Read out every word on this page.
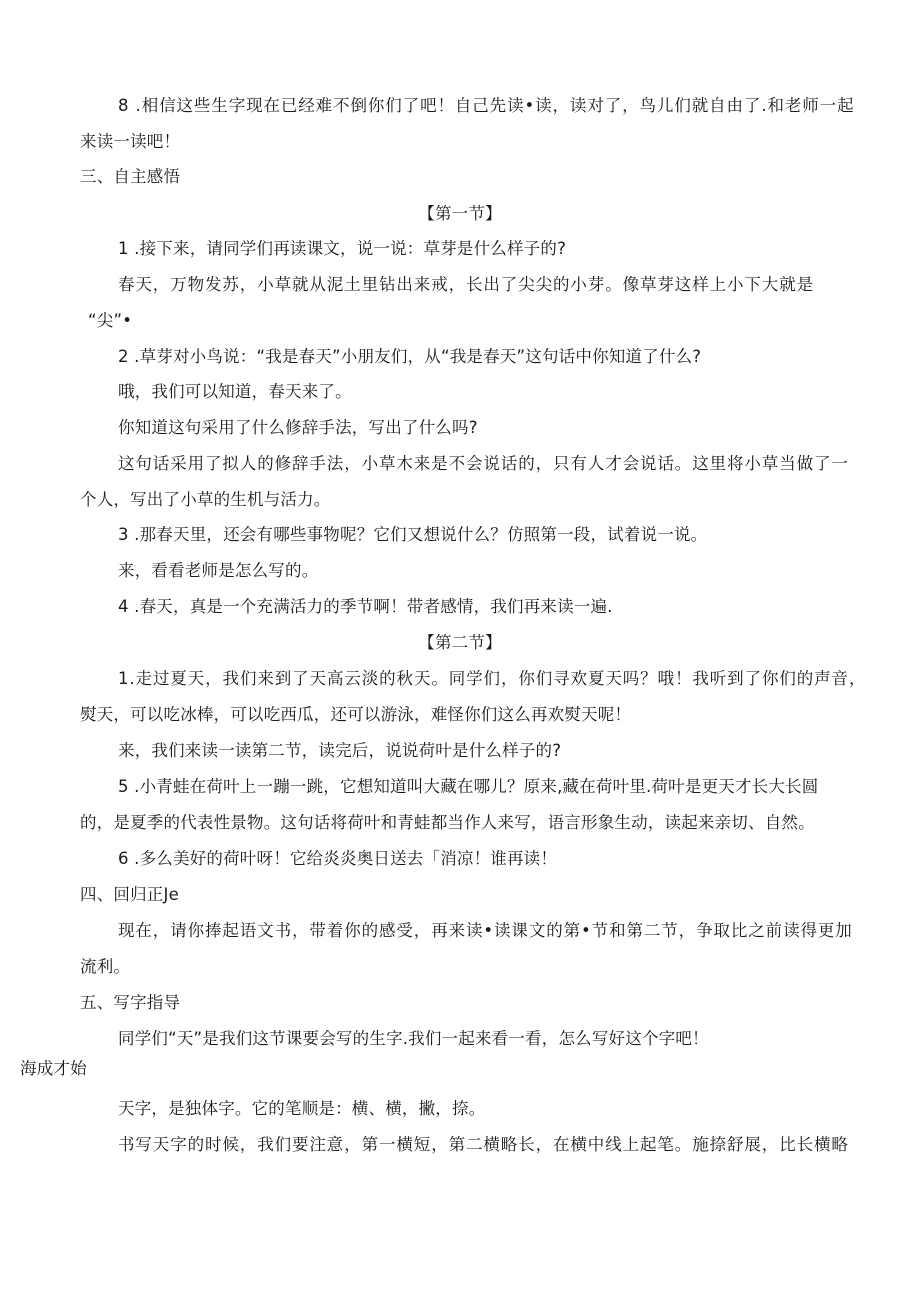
8 .相信这些生字现在已经难不倒你们了吧！自己先读•读，读对了，鸟儿们就自由了.和老师一起
来读一读吧！
三、自主感悟
【第一节】
1 .接下来，请同学们再读课文，说一说：草芽是什么样子的?
春天，万物发苏，小草就从泥土里钻出来戒，长出了尖尖的小芽。像草芽这样上小下大就是
“尖”•
2 .草芽对小鸟说：“我是春天”小朋友们，从“我是春天”这句话中你知道了什么?
哦，我们可以知道，春天来了。
你知道这句采用了什么修辞手法，写出了什么吗?
这句话采用了拟人的修辞手法，小草木来是不会说话的，只有人才会说话。这里将小草当做了一
个人，写出了小草的生机与活力。
3 .那春天里，还会有哪些事物呢？它们又想说什么？仿照第一段，试着说一说。
来，看看老师是怎么写的。
4 .春天，真是一个充满活力的季节啊！带者感情，我们再来读一遍.
【第二节】
1.走过夏天，我们来到了天高云淡的秋天。同学们，你们寻欢夏天吗？哦！我听到了你们的声音，
熨天，可以吃冰棒，可以吃西瓜，还可以游泳，难怪你们这么再欢熨天呢！
来，我们来读一读第二节，读完后，说说荷叶是什么样子的?
5 .小青蛙在荷叶上一蹦一跳，它想知道叫大藏在哪儿？原来,藏在荷叶里.荷叶是更天才长大长圆
的，是夏季的代表性景物。这句话将荷叶和青蛙都当作人来写，语言形象生动，读起来亲切、自然。
6 .多么美好的荷叶呀！它给炎炎奥日送去「消凉！谁再读！
四、回归正Je
现在，请你捧起语文书，带着你的感受，再来读•读课文的第•节和第二节，争取比之前读得更加
流利。
五、写字指导
同学们“天”是我们这节课要会写的生字.我们一起来看一看，怎么写好这个字吧！
海成才始
天字，是独体字。它的笔顺是：横、横，撇，捺。
书写天字的时候，我们要注意，第一横短，第二横略长，在横中线上起笔。施捺舒展，比长横略
